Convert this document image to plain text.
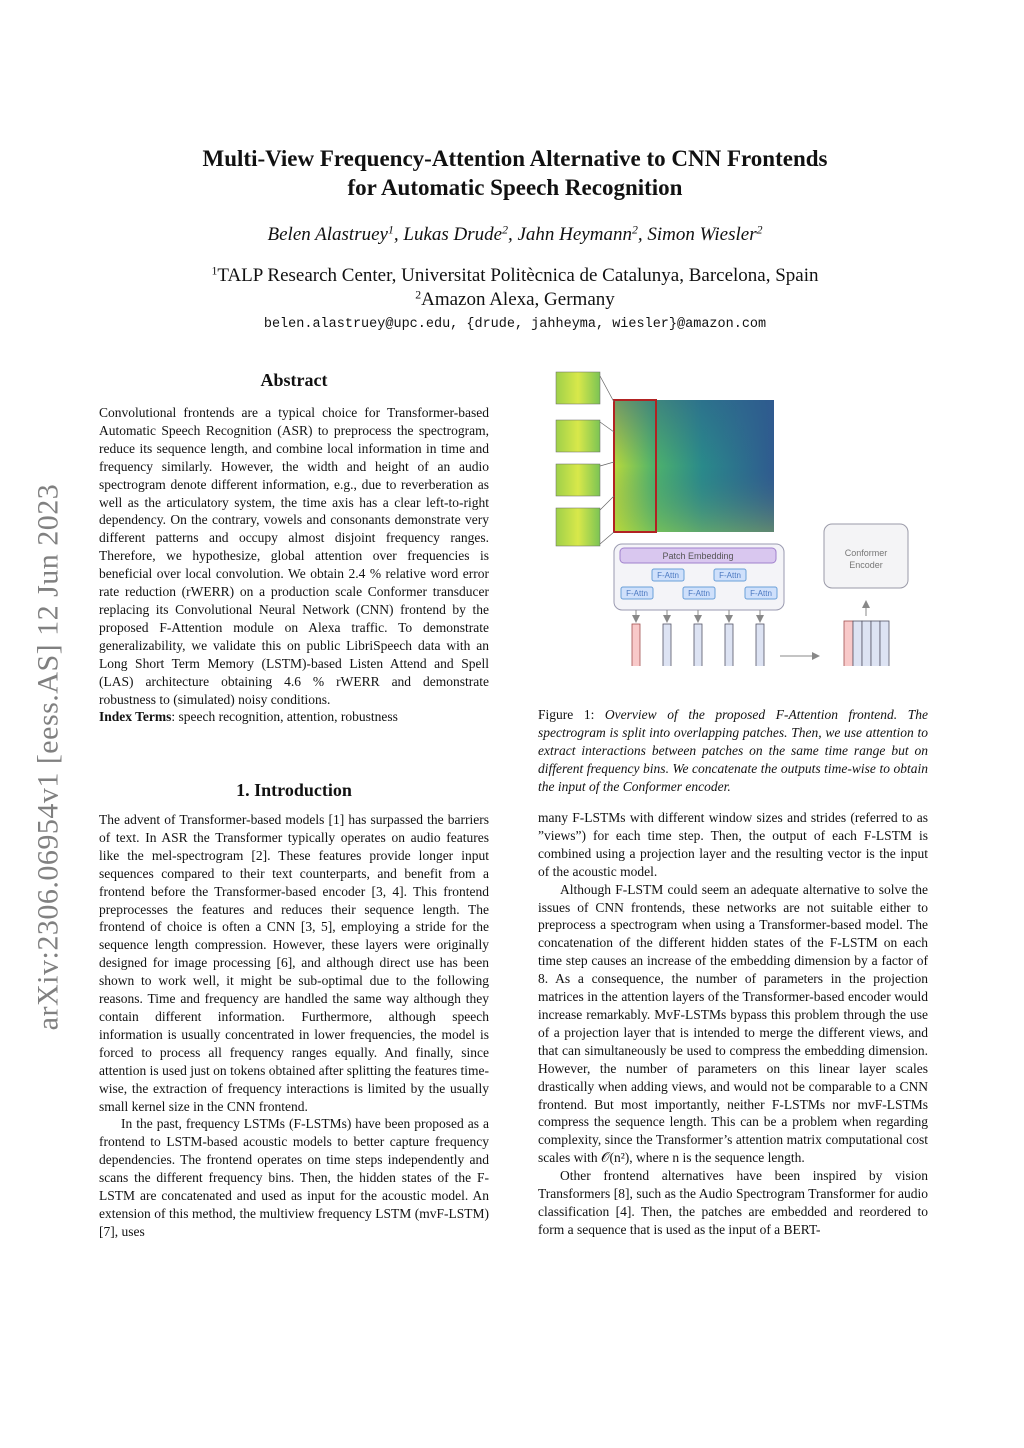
arXiv:2306.06954v1 [eess.AS] 12 Jun 2023
Multi-View Frequency-Attention Alternative to CNN Frontends
for Automatic Speech Recognition
Belen Alastruey$^1$, Lukas Drude$^2$, Jahn Heymann$^2$, Simon Wiesler$^2$
$^1$TALP Research Center, Universitat Politècnica de Catalunya, Barcelona, Spain
$^2$Amazon Alexa, Germany
belen.alastruey@upc.edu, {drude, jahheyma, wiesler}@amazon.com
Abstract

Convolutional frontends are a typical choice for Transformer-based Automatic Speech Recognition (ASR) to preprocess the spectrogram, reduce its sequence length, and combine local information in time and frequency similarly. However, the width and height of an audio spectrogram denote different information, e.g., due to reverberation as well as the articulatory system, the time axis has a clear left-to-right dependency. On the contrary, vowels and consonants demonstrate very different patterns and occupy almost disjoint frequency ranges. Therefore, we hypothesize, global attention over frequencies is beneficial over local convolution. We obtain 2.4 % relative word error rate reduction (rWERR) on a production scale Conformer transducer replacing its Convolutional Neural Network (CNN) frontend by the proposed F-Attention module on Alexa traffic. To demonstrate generalizability, we validate this on public LibriSpeech data with an Long Short Term Memory (LSTM)-based Listen Attend and Spell (LAS) architecture obtaining 4.6 % rWERR and demonstrate robustness to (simulated) noisy conditions.

Index Terms: speech recognition, attention, robustness

1. Introduction

The advent of Transformer-based models [1] has surpassed the barriers of text. In ASR the Transformer typically operates on audio features like the mel-spectrogram [2]. These features provide longer input sequences compared to their text counterparts, and benefit from a frontend before the Transformer-based encoder [3, 4]. This frontend preprocesses the features and reduces their sequence length. The frontend of choice is often a CNN [3, 5], employing a stride for the sequence length compression. However, these layers were originally designed for image processing [6], and although direct use has been shown to work well, it might be sub-optimal due to the following reasons. Time and frequency are handled the same way although they contain different information. Furthermore, although speech information is usually concentrated in lower frequencies, the model is forced to process all frequency ranges equally. And finally, since attention is used just on tokens obtained after splitting the features time-wise, the extraction of frequency interactions is limited by the usually small kernel size in the CNN frontend.

In the past, frequency LSTMs (F-LSTMs) have been proposed as a frontend to LSTM-based acoustic models to better capture frequency dependencies. The frontend operates on time steps independently and scans the different frequency bins. Then, the hidden states of the F-LSTM are concatenated and used as input for the acoustic model. An extension of this method, the multiview frequency LSTM (mvF-LSTM) [7], uses

Patch Embedding
F-Attn	F-Attn
F-Attn	F-Attn	F-Attn
Conformer
Encoder
Figure 1: Overview of the proposed F-Attention frontend. The spectrogram is split into overlapping patches. Then, we use attention to extract interactions between patches on the same time range but on different frequency bins. We concatenate the outputs time-wise to obtain the input of the Conformer encoder.

many F-LSTMs with different window sizes and strides (referred to as ”views”) for each time step. Then, the output of each F-LSTM is combined using a projection layer and the resulting vector is the input of the acoustic model.

Although F-LSTM could seem an adequate alternative to solve the issues of CNN frontends, these networks are not suitable either to preprocess a spectrogram when using a Transformer-based model. The concatenation of the different hidden states of the F-LSTM on each time step causes an increase of the embedding dimension by a factor of 8. As a consequence, the number of parameters in the projection matrices in the attention layers of the Transformer-based encoder would increase remarkably. MvF-LSTMs bypass this problem through the use of a projection layer that is intended to merge the different views, and that can simultaneously be used to compress the embedding dimension. However, the number of parameters on this linear layer scales drastically when adding views, and would not be comparable to a CNN frontend. But most importantly, neither F-LSTMs nor mvF-LSTMs compress the sequence length. This can be a problem when regarding complexity, since the Transformer’s attention matrix computational cost scales with 𝒪(n²), where n is the sequence length.

Other frontend alternatives have been inspired by vision Transformers [8], such as the Audio Spectrogram Transformer for audio classification [4]. Then, the patches are embedded and reordered to form a sequence that is used as the input of a BERT-
